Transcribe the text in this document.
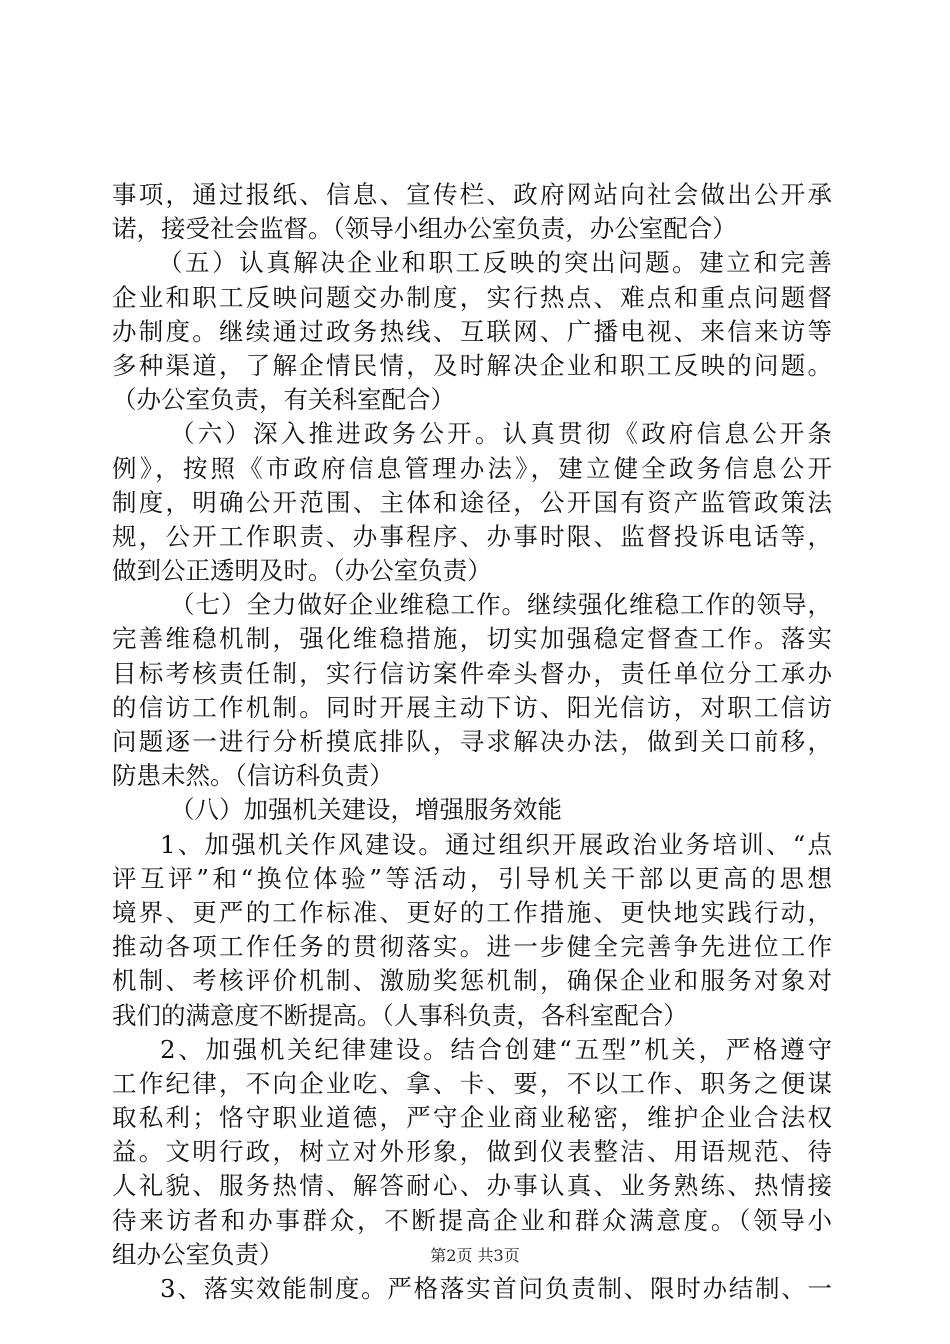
事项，通过报纸、信息、宣传栏、政府网站向社会做出公开承
诺，接受社会监督。（领导小组办公室负责，办公室配合）
（五）认真解决企业和职工反映的突出问题。建立和完善
企业和职工反映问题交办制度，实行热点、难点和重点问题督
办制度。继续通过政务热线、互联网、广播电视、来信来访等
多种渠道，了解企情民情，及时解决企业和职工反映的问题。
（办公室负责，有关科室配合）
（六）深入推进政务公开。认真贯彻《政府信息公开条
例》，按照《市政府信息管理办法》，建立健全政务信息公开
制度，明确公开范围、主体和途径，公开国有资产监管政策法
规，公开工作职责、办事程序、办事时限、监督投诉电话等，
做到公正透明及时。（办公室负责）
（七）全力做好企业维稳工作。继续强化维稳工作的领导，
完善维稳机制，强化维稳措施，切实加强稳定督查工作。落实
目标考核责任制，实行信访案件牵头督办，责任单位分工承办
的信访工作机制。同时开展主动下访、阳光信访，对职工信访
问题逐一进行分析摸底排队，寻求解决办法，做到关口前移，
防患未然。（信访科负责）
（八）加强机关建设，增强服务效能
1、加强机关作风建设。通过组织开展政治业务培训、“点
评互评”和“换位体验”等活动，引导机关干部以更高的思想
境界、更严的工作标准、更好的工作措施、更快地实践行动，
推动各项工作任务的贯彻落实。进一步健全完善争先进位工作
机制、考核评价机制、激励奖惩机制，确保企业和服务对象对
我们的满意度不断提高。（人事科负责，各科室配合）
2、加强机关纪律建设。结合创建“五型”机关，严格遵守
工作纪律，不向企业吃、拿、卡、要，不以工作、职务之便谋
取私利；恪守职业道德，严守企业商业秘密，维护企业合法权
益。文明行政，树立对外形象，做到仪表整洁、用语规范、待
人礼貌、服务热情、解答耐心、办事认真、业务熟练、热情接
待来访者和办事群众，不断提高企业和群众满意度。（领导小
组办公室负责）
3、落实效能制度。严格落实首问负责制、限时办结制、一
第2页 共3页
